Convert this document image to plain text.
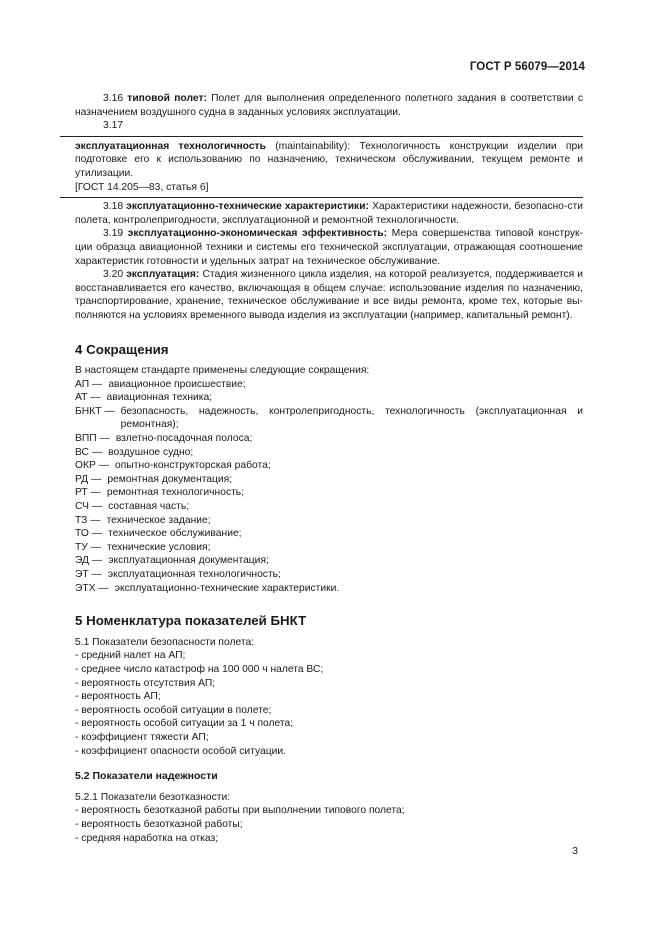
ГОСТ Р 56079—2014

3.16 типовой полет: Полет для выполнения определенного полетного задания в соответствии с назначением воздушного судна в заданных условиях эксплуатации.

3.17

эксплуатационная технологичность (maintainability): Технологичность конструкции изделии при подготовке его к использованию по назначению, техническом обслуживании, текущем ремонте и утилизации.

[ГОСТ 14.205—83, статья 6]

3.18 эксплуатационно-технические характеристики: Характеристики надежности, безопасно-сти полета, контролепригодности, эксплуатационной и ремонтной технологичности.

3.19 эксплуатационно-экономическая эффективность: Мера совершенства типовой конструк-ции образца авиационной техники и системы его технической эксплуатации, отражающая соотношение характеристик готовности и удельных затрат на техническое обслуживание.

3.20 эксплуатация: Стадия жизненного цикла изделия, на которой реализуется, поддерживается и восстанавливается его качество, включающая в общем случае: использование изделия по назначению, транспортирование, хранение, техническое обслуживание и все виды ремонта, кроме тех, которые вы-полняются на условиях временного вывода изделия из эксплуатации (например, капитальный ремонт).

4 Сокращения

В настоящем стандарте применены следующие сокращения:

АП — авиационное происшествие;
АТ — авиационная техника;
БНКТ — безопасность, надежность, контролепригодность, технологичность (эксплуатационная и ремонтная);
ВПП — взлетно-посадочная полоса;
ВС — воздушное судно;
ОКР — опытно-конструкторская работа;
РД — ремонтная документация;
РТ — ремонтная технологичность;
СЧ — составная часть;
ТЗ — техническое задание;
ТО — техническое обслуживание;
ТУ — технические условия;
ЭД — эксплуатационная документация;
ЭТ — эксплуатационная технологичность;
ЭТХ — эксплуатационно-технические характеристики.
5 Номенклатура показателей БНКТ

5.1 Показатели безопасности полета:

- средний налет на АП;

- среднее число катастроф на 100 000 ч налета ВС;

- вероятность отсутствия АП;

- вероятность АП;

- вероятность особой ситуации в полете;

- вероятность особой ситуации за 1 ч полета;

- коэффициент тяжести АП;

- коэффициент опасности особой ситуации.

5.2 Показатели надежности

5.2.1 Показатели безотказности:

- вероятность безотказной работы при выполнении типового полета;

- вероятность безотказной работы;

- средняя наработка на отказ;

3
